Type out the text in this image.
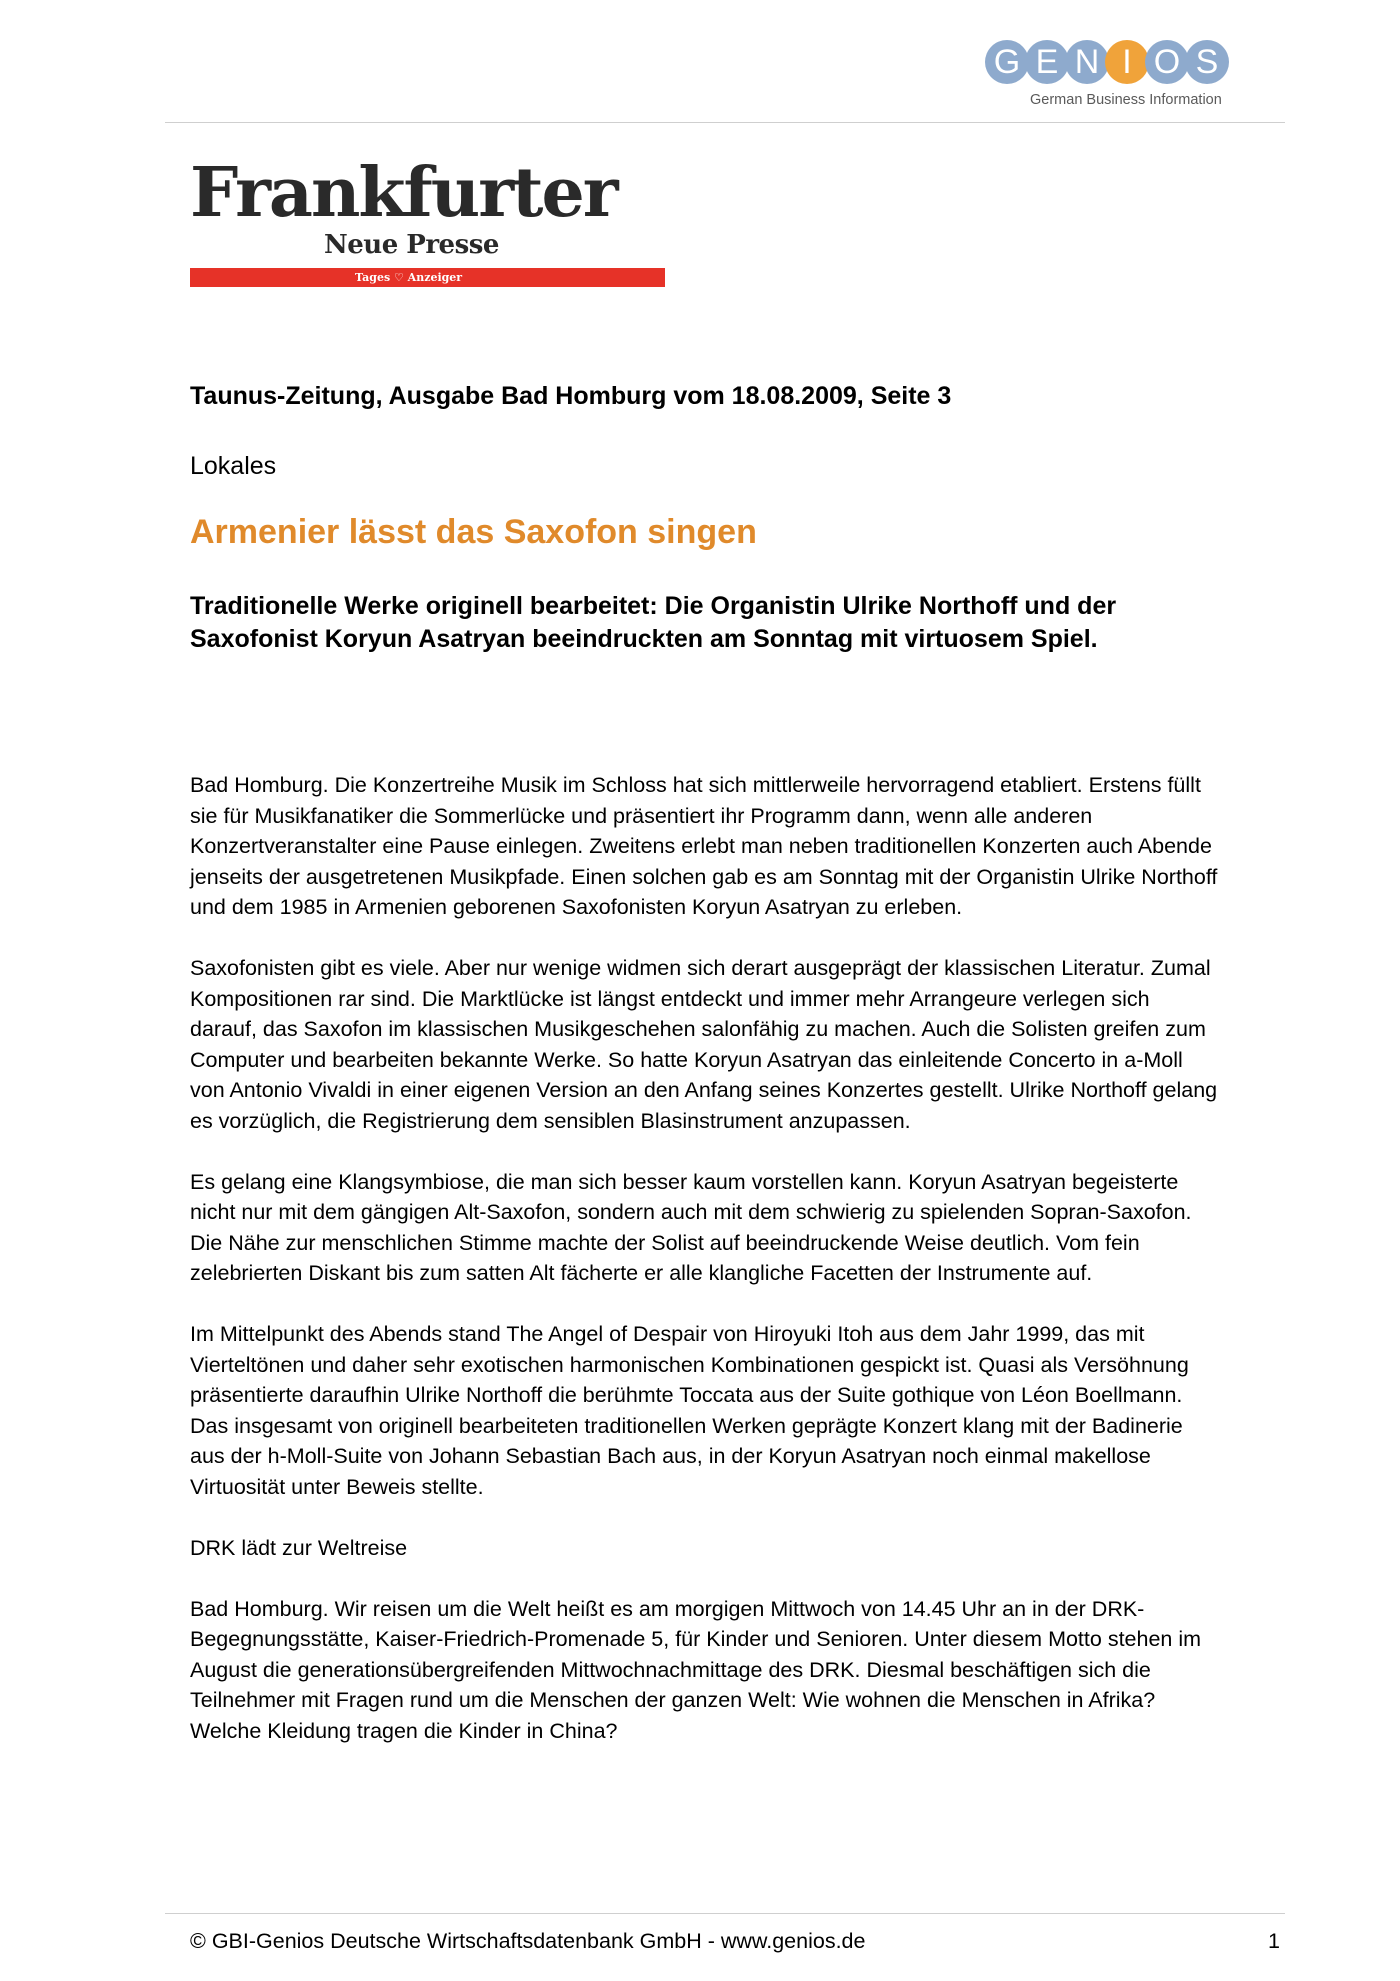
G E N I O S
German Business Information
Frankfurter
Neue Presse
Tages ♡ Anzeiger
Taunus-Zeitung, Ausgabe Bad Homburg vom 18.08.2009, Seite 3
Lokales
Armenier lässt das Saxofon singen
Traditionelle Werke originell bearbeitet: Die Organistin Ulrike Northoff und der Saxofonist Koryun Asatryan beeindruckten am Sonntag mit virtuosem Spiel.

Bad Homburg. Die Konzertreihe Musik im Schloss hat sich mittlerweile hervorragend etabliert. Erstens füllt sie für Musikfanatiker die Sommerlücke und präsentiert ihr Programm dann, wenn alle anderen Konzertveranstalter eine Pause einlegen. Zweitens erlebt man neben traditionellen Konzerten auch Abende jenseits der ausgetretenen Musikpfade. Einen solchen gab es am Sonntag mit der Organistin Ulrike Northoff und dem 1985 in Armenien geborenen Saxofonisten Koryun Asatryan zu erleben.

Saxofonisten gibt es viele. Aber nur wenige widmen sich derart ausgeprägt der klassischen Literatur. Zumal Kompositionen rar sind. Die Marktlücke ist längst entdeckt und immer mehr Arrangeure verlegen sich darauf, das Saxofon im klassischen Musikgeschehen salonfähig zu machen. Auch die Solisten greifen zum Computer und bearbeiten bekannte Werke. So hatte Koryun Asatryan das einleitende Concerto in a-Moll von Antonio Vivaldi in einer eigenen Version an den Anfang seines Konzertes gestellt. Ulrike Northoff gelang es vorzüglich, die Registrierung dem sensiblen Blasinstrument anzupassen.

Es gelang eine Klangsymbiose, die man sich besser kaum vorstellen kann. Koryun Asatryan begeisterte nicht nur mit dem gängigen Alt-Saxofon, sondern auch mit dem schwierig zu spielenden Sopran-Saxofon. Die Nähe zur menschlichen Stimme machte der Solist auf beeindruckende Weise deutlich. Vom fein zelebrierten Diskant bis zum satten Alt fächerte er alle klangliche Facetten der Instrumente auf.

Im Mittelpunkt des Abends stand The Angel of Despair von Hiroyuki Itoh aus dem Jahr 1999, das mit Vierteltönen und daher sehr exotischen harmonischen Kombinationen gespickt ist. Quasi als Versöhnung präsentierte daraufhin Ulrike Northoff die berühmte Toccata aus der Suite gothique von Léon Boellmann. Das insgesamt von originell bearbeiteten traditionellen Werken geprägte Konzert klang mit der Badinerie aus der h-Moll-Suite von Johann Sebastian Bach aus, in der Koryun Asatryan noch einmal makellose Virtuosität unter Beweis stellte.

DRK lädt zur Weltreise

Bad Homburg. Wir reisen um die Welt heißt es am morgigen Mittwoch von 14.45 Uhr an in der DRK-Begegnungsstätte, Kaiser-Friedrich-Promenade 5, für Kinder und Senioren. Unter diesem Motto stehen im August die generationsübergreifenden Mittwochnachmittage des DRK. Diesmal beschäftigen sich die Teilnehmer mit Fragen rund um die Menschen der ganzen Welt: Wie wohnen die Menschen in Afrika? Welche Kleidung tragen die Kinder in China?

© GBI-Genios Deutsche Wirtschaftsdatenbank GmbH - www.genios.de	1
